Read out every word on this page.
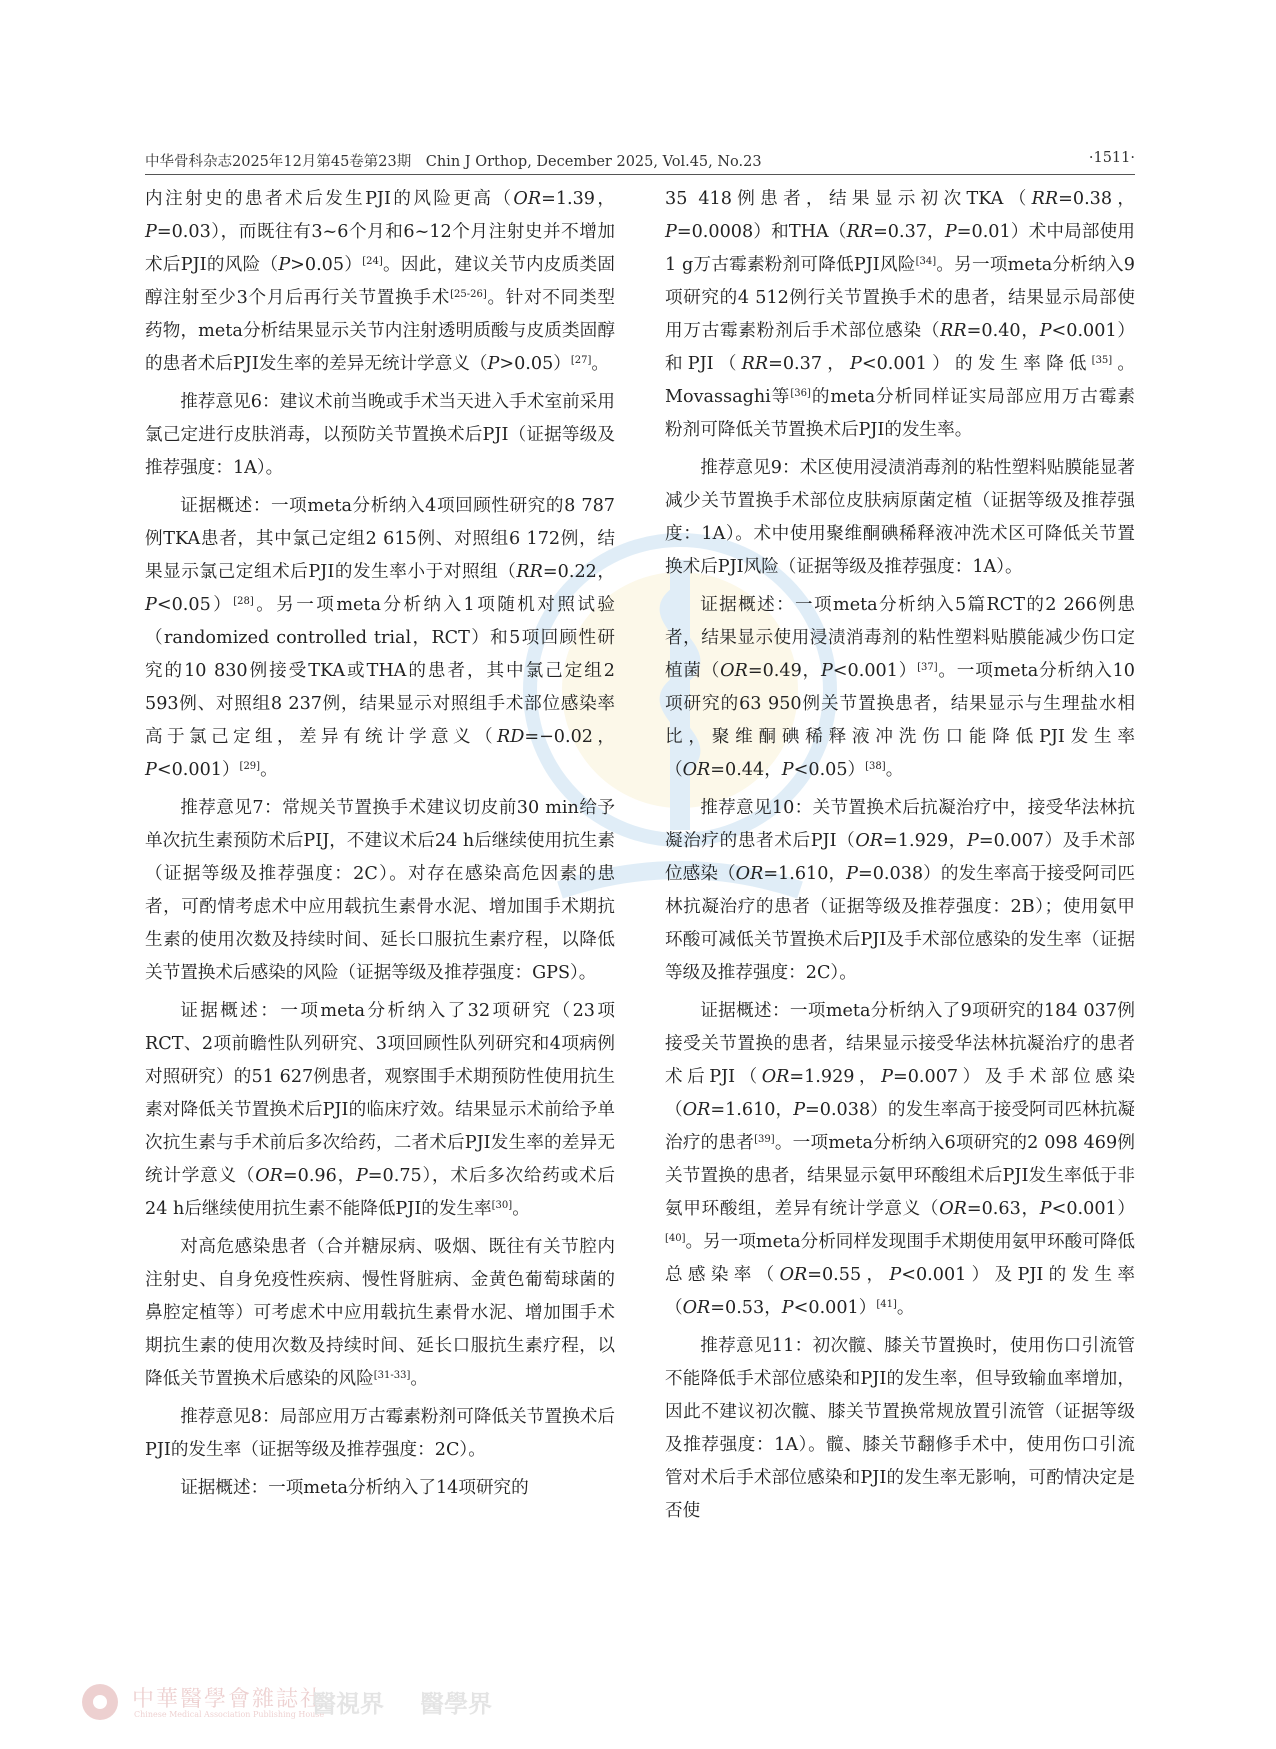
中华骨科杂志2025年12月第45卷第23期　Chin J Orthop, December 2025, Vol.45, No.23	·1511·

内注射史的患者术后发生PJI的风险更高（OR=1.39，P=0.03），而既往有3~6个月和6~12个月注射史并不增加术后PJI的风险（P>0.05）[24]。因此，建议关节内皮质类固醇注射至少3个月后再行关节置换手术[25-26]。针对不同类型药物，meta分析结果显示关节内注射透明质酸与皮质类固醇的患者术后PJI发生率的差异无统计学意义（P>0.05）[27]。

推荐意见6：建议术前当晚或手术当天进入手术室前采用氯己定进行皮肤消毒，以预防关节置换术后PJI（证据等级及推荐强度：1A）。

证据概述：一项meta分析纳入4项回顾性研究的8 787例TKA患者，其中氯己定组2 615例、对照组6 172例，结果显示氯己定组术后PJI的发生率小于对照组（RR=0.22，P<0.05）[28]。另一项meta分析纳入1项随机对照试验（randomized controlled trial，RCT）和5项回顾性研究的10 830例接受TKA或THA的患者，其中氯己定组2 593例、对照组8 237例，结果显示对照组手术部位感染率高于氯己定组，差异有统计学意义（RD=−0.02，P<0.001）[29]。

推荐意见7：常规关节置换手术建议切皮前30 min给予单次抗生素预防术后PIJ，不建议术后24 h后继续使用抗生素（证据等级及推荐强度：2C）。对存在感染高危因素的患者，可酌情考虑术中应用载抗生素骨水泥、增加围手术期抗生素的使用次数及持续时间、延长口服抗生素疗程，以降低关节置换术后感染的风险（证据等级及推荐强度：GPS）。

证据概述：一项meta分析纳入了32项研究（23项RCT、2项前瞻性队列研究、3项回顾性队列研究和4项病例对照研究）的51 627例患者，观察围手术期预防性使用抗生素对降低关节置换术后PJI的临床疗效。结果显示术前给予单次抗生素与手术前后多次给药，二者术后PJI发生率的差异无统计学意义（OR=0.96，P=0.75），术后多次给药或术后24 h后继续使用抗生素不能降低PJI的发生率[30]。

对高危感染患者（合并糖尿病、吸烟、既往有关节腔内注射史、自身免疫性疾病、慢性肾脏病、金黄色葡萄球菌的鼻腔定植等）可考虑术中应用载抗生素骨水泥、增加围手术期抗生素的使用次数及持续时间、延长口服抗生素疗程，以降低关节置换术后感染的风险[31-33]。

推荐意见8：局部应用万古霉素粉剂可降低关节置换术后PJI的发生率（证据等级及推荐强度：2C）。

证据概述：一项meta分析纳入了14项研究的

35 418例患者，结果显示初次TKA（RR=0.38，P=0.0008）和THA（RR=0.37，P=0.01）术中局部使用1 g万古霉素粉剂可降低PJI风险[34]。另一项meta分析纳入9项研究的4 512例行关节置换手术的患者，结果显示局部使用万古霉素粉剂后手术部位感染（RR=0.40，P<0.001）和PJI（RR=0.37，P<0.001）的发生率降低[35]。Movassaghi等[36]的meta分析同样证实局部应用万古霉素粉剂可降低关节置换术后PJI的发生率。

推荐意见9：术区使用浸渍消毒剂的粘性塑料贴膜能显著减少关节置换手术部位皮肤病原菌定植（证据等级及推荐强度：1A）。术中使用聚维酮碘稀释液冲洗术区可降低关节置换术后PJI风险（证据等级及推荐强度：1A）。

证据概述：一项meta分析纳入5篇RCT的2 266例患者，结果显示使用浸渍消毒剂的粘性塑料贴膜能减少伤口定植菌（OR=0.49，P<0.001）[37]。一项meta分析纳入10项研究的63 950例关节置换患者，结果显示与生理盐水相比，聚维酮碘稀释液冲洗伤口能降低PJI发生率（OR=0.44，P<0.05）[38]。

推荐意见10：关节置换术后抗凝治疗中，接受华法林抗凝治疗的患者术后PJI（OR=1.929，P=0.007）及手术部位感染（OR=1.610，P=0.038）的发生率高于接受阿司匹林抗凝治疗的患者（证据等级及推荐强度：2B）；使用氨甲环酸可减低关节置换术后PJI及手术部位感染的发生率（证据等级及推荐强度：2C）。

证据概述：一项meta分析纳入了9项研究的184 037例接受关节置换的患者，结果显示接受华法林抗凝治疗的患者术后PJI（OR=1.929，P=0.007）及手术部位感染（OR=1.610，P=0.038）的发生率高于接受阿司匹林抗凝治疗的患者[39]。一项meta分析纳入6项研究的2 098 469例关节置换的患者，结果显示氨甲环酸组术后PJI发生率低于非氨甲环酸组，差异有统计学意义（OR=0.63，P<0.001）[40]。另一项meta分析同样发现围手术期使用氨甲环酸可降低总感染率（OR=0.55，P<0.001）及PJI的发生率（OR=0.53，P<0.001）[41]。

推荐意见11：初次髋、膝关节置换时，使用伤口引流管不能降低手术部位感染和PJI的发生率，但导致输血率增加，因此不建议初次髋、膝关节置换常规放置引流管（证据等级及推荐强度：1A）。髋、膝关节翻修手术中，使用伤口引流管对术后手术部位感染和PJI的发生率无影响，可酌情决定是否使

中華醫學會雜誌社
Chinese Medical Association Publishing House
醫視界 醫學界
